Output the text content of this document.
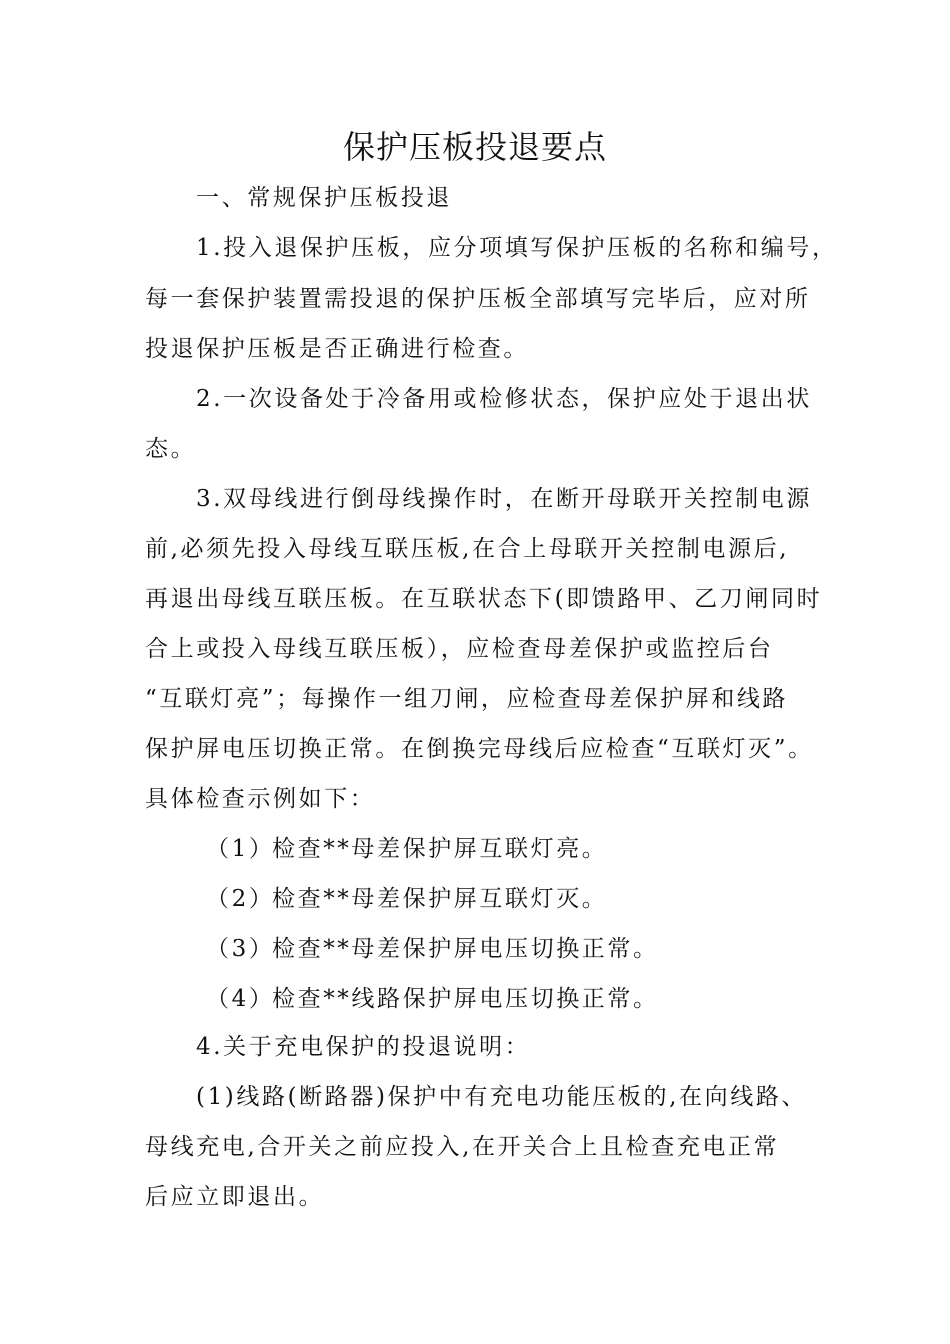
保护压板投退要点
一、常规保护压板投退
1.投入退保护压板，应分项填写保护压板的名称和编号，
每一套保护装置需投退的保护压板全部填写完毕后，应对所
投退保护压板是否正确进行检查。
2.一次设备处于冷备用或检修状态，保护应处于退出状
态。
3.双母线进行倒母线操作时，在断开母联开关控制电源
前,必须先投入母线互联压板,在合上母联开关控制电源后,
再退出母线互联压板。在互联状态下(即馈路甲、乙刀闸同时
合上或投入母线互联压板），应检查母差保护或监控后台
“互联灯亮”；每操作一组刀闸，应检查母差保护屏和线路
保护屏电压切换正常。在倒换完母线后应检查“互联灯灭”。
具体检查示例如下：
（1）检查**母差保护屏互联灯亮。
（2）检查**母差保护屏互联灯灭。
（3）检查**母差保护屏电压切换正常。
（4）检查**线路保护屏电压切换正常。
4.关于充电保护的投退说明：
(1)线路(断路器)保护中有充电功能压板的,在向线路、
母线充电,合开关之前应投入,在开关合上且检查充电正常
后应立即退出。
